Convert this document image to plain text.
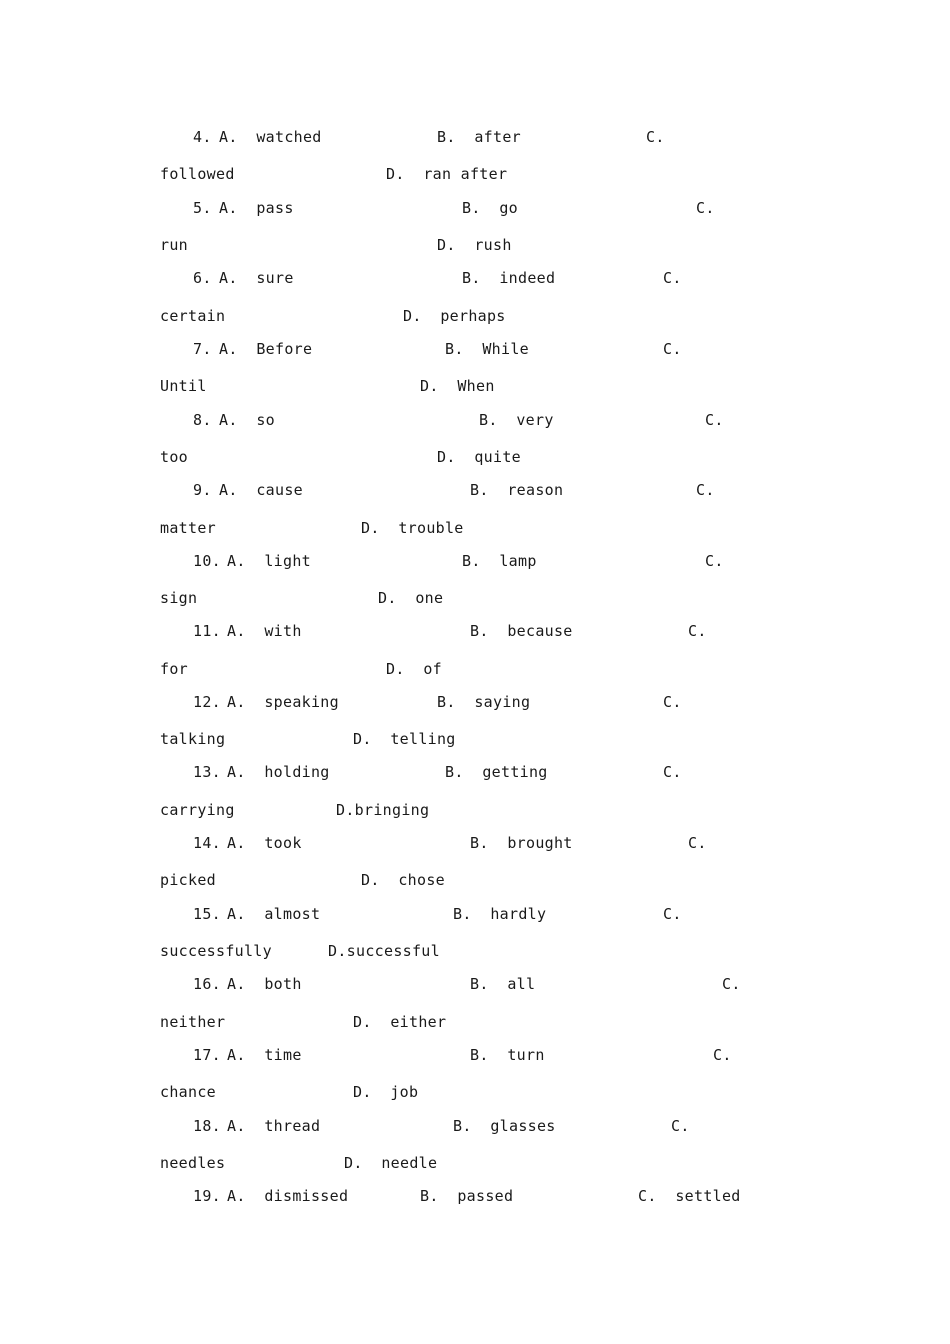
4. A.  watched	B.  after	C.
followed	D.  ran after
5. A.  pass	B.  go	C.
run	D.  rush
6. A.  sure	B.  indeed	C.
certain	D.  perhaps
7. A.  Before	B.  While	C.
Until	D.  When
8. A.  so	B.  very	C.
too	D.  quite
9. A.  cause	B.  reason	C.
matter	D.  trouble
10. A.  light	B.  lamp	C.
sign	D.  one
11. A.  with	B.  because	C.
for	D.  of
12. A.  speaking	B.  saying	C.
talking	D.  telling
13. A.  holding	B.  getting	C.
carrying	D.bringing
14. A.  took	B.  brought	C.
picked	D.  chose
15. A.  almost	B.  hardly	C.
successfully	D.successful
16. A.  both	B.  all	C.
neither	D.  either
17. A.  time	B.  turn	C.
chance	D.  job
18. A.  thread	B.  glasses	C.
needles	D.  needle
19. A.  dismissed	B.  passed	C.  settled
